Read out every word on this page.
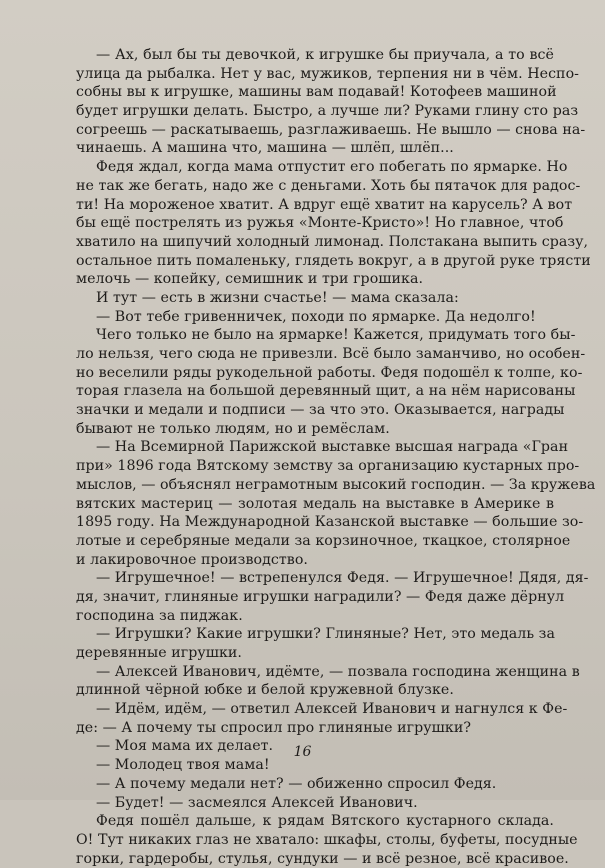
— Ах, был бы ты девочкой, к игрушке бы приучала, а то всё
улица да рыбалка. Нет у вас, мужиков, терпения ни в чём. Неспо-
собны вы к игрушке, машины вам подавай! Котофеев машиной
будет игрушки делать. Быстро, а лучше ли? Руками глину сто раз
согреешь — раскатываешь, разглаживаешь. Не вышло — снова на-
чинаешь. А машина что, машина — шлёп, шлёп...
Федя ждал, когда мама отпустит его побегать по ярмарке. Но
не так же бегать, надо же с деньгами. Хоть бы пятачок для радос-
ти! На мороженое хватит. А вдруг ещё хватит на карусель? А вот
бы ещё пострелять из ружья «Монте-Кристо»! Но главное, чтоб
хватило на шипучий холодный лимонад. Полстакана выпить сразу,
остальное пить помаленьку, глядеть вокруг, а в другой руке трясти
мелочь — копейку, семишник и три грошика.
И тут — есть в жизни счастье! — мама сказала:
— Вот тебе гривенничек, походи по ярмарке. Да недолго!
Чего только не было на ярмарке! Кажется, придумать того бы-
ло нельзя, чего сюда не привезли. Всё было заманчиво, но особен-
но веселили ряды рукодельной работы. Федя подошёл к толпе, ко-
торая глазела на большой деревянный щит, а на нём нарисованы
значки и медали и подписи — за что это. Оказывается, награды
бывают не только людям, но и ремёслам.
— На Всемирной Парижской выставке высшая награда «Гран
при» 1896 года Вятскому земству за организацию кустарных про-
мыслов, — объяснял неграмотным высокий господин. — За кружева
вятских мастериц — золотая медаль на выставке в Америке в
1895 году. На Международной Казанской выставке — большие зо-
лотые и серебряные медали за корзиночное, ткацкое, столярное
и лакировочное производство.
— Игрушечное! — встрепенулся Федя. — Игрушечное! Дядя, дя-
дя, значит, глиняные игрушки наградили? — Федя даже дёрнул
господина за пиджак.
— Игрушки? Какие игрушки? Глиняные? Нет, это медаль за
деревянные игрушки.
— Алексей Иванович, идёмте, — позвала господина женщина в
длинной чёрной юбке и белой кружевной блузке.
— Идём, идём, — ответил Алексей Иванович и нагнулся к Фе-
де: — А почему ты спросил про глиняные игрушки?
— Моя мама их делает.
— Молодец твоя мама!
— А почему медали нет? — обиженно спросил Федя.
— Будет! — засмеялся Алексей Иванович.
Федя пошёл дальше, к рядам Вятского кустарного склада.
О! Тут никаких глаз не хватало: шкафы, столы, буфеты, посудные
горки, гардеробы, стулья, сундуки — и всё резное, всё красивое.
16
